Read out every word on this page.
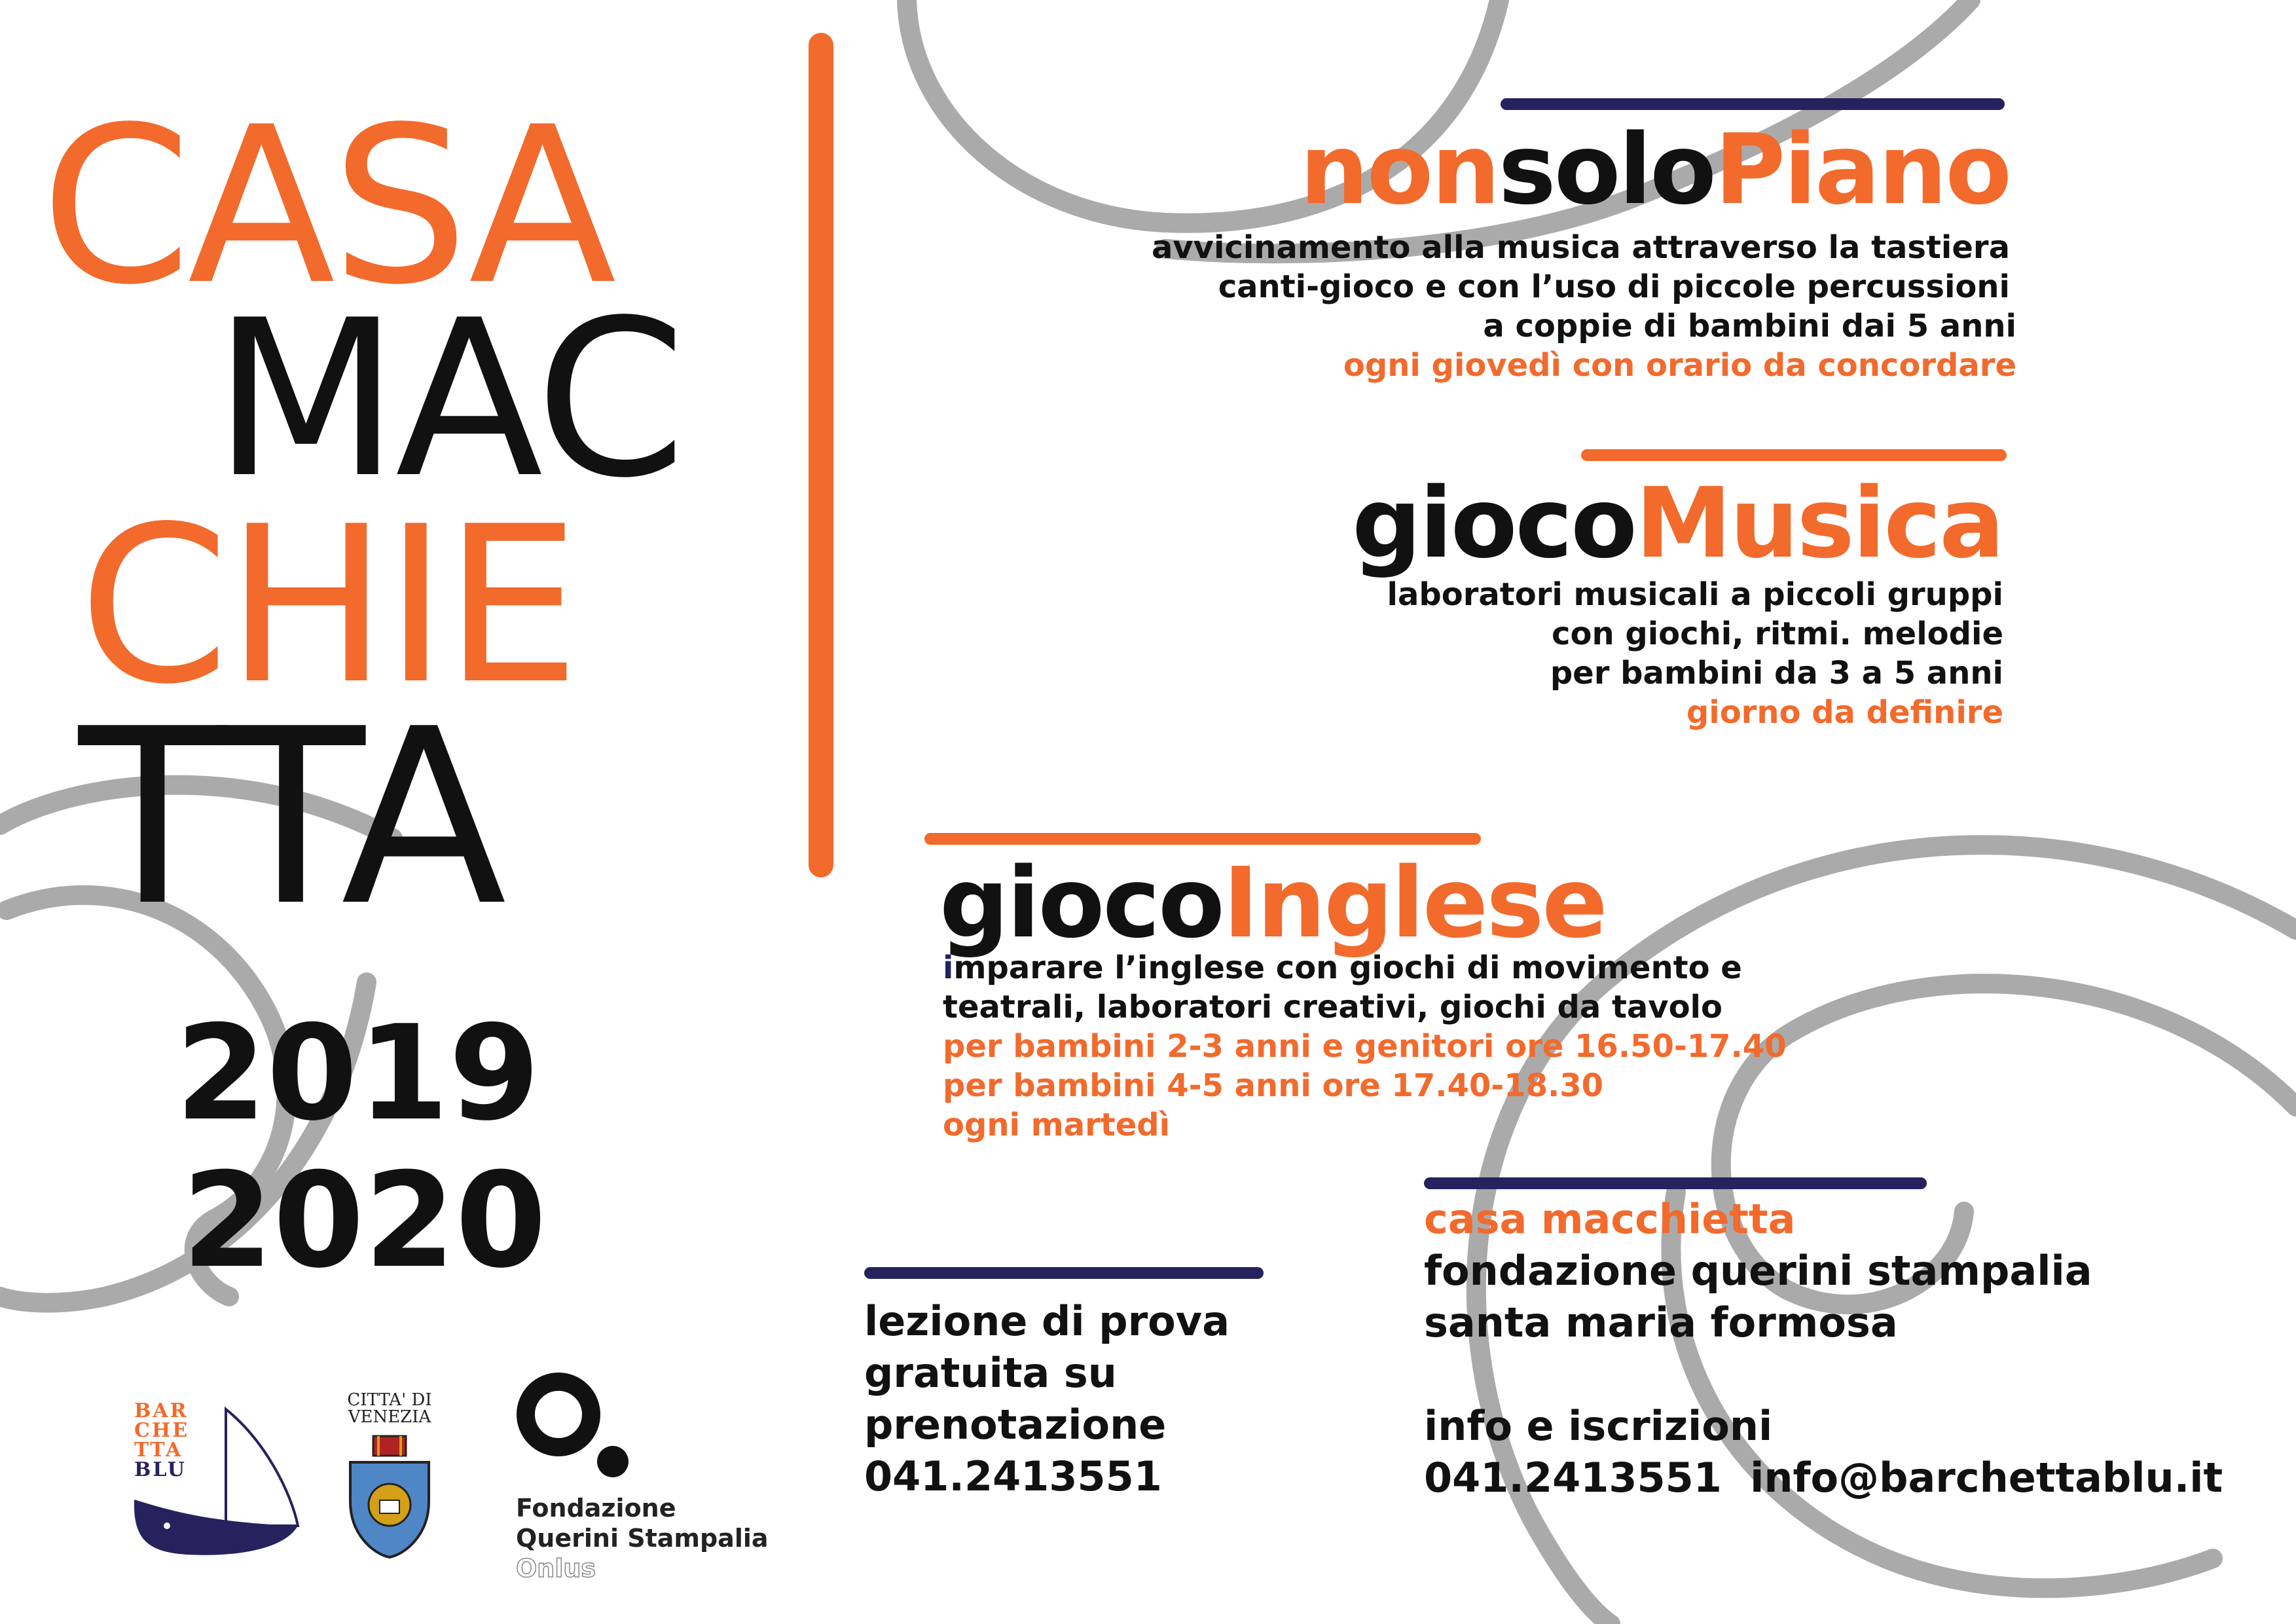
CASA
MAC
CHIE
TTA
2019
2020
nonsoloPiano
avvicinamento alla musica attraverso la tastiera
canti-gioco e con l’uso di piccole percussioni
a coppie di bambini dai 5 anni
ogni giovedì con orario da concordare
giocoMusica
laboratori musicali a piccoli gruppi
con giochi, ritmi. melodie
per bambini da 3 a 5 anni
giorno da definire
giocoInglese
imparare l’inglese con giochi di movimento e
teatrali, laboratori creativi, giochi da tavolo
per bambini 2-3 anni e genitori ore 16.50-17.40
per bambini 4-5 anni ore 17.40-18.30
ogni martedì
lezione di prova
gratuita su
prenotazione
041.2413551
casa macchietta
fondazione querini stampalia
santa maria formosa
info e iscrizioni
041.2413551  info@barchettablu.it
BAR
CHE
TTA
BLU
CITTA' DI
VENEZIA
Fondazione
Querini Stampalia
Onlus
